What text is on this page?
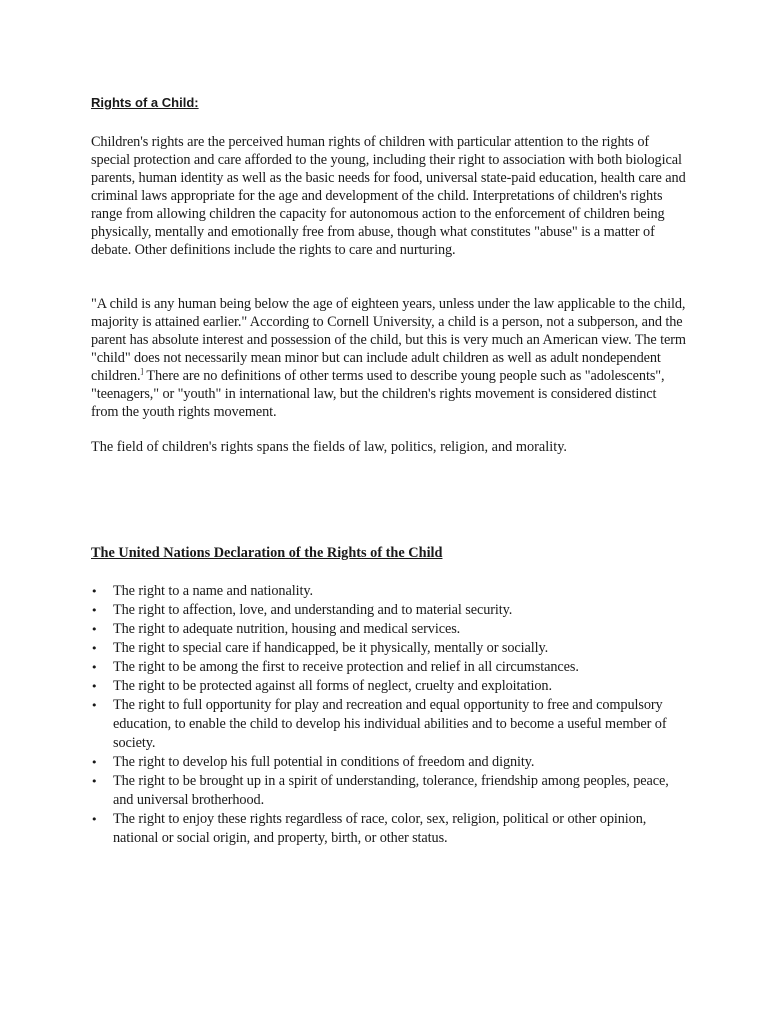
Rights of a Child:

Children's rights are the perceived human rights of children with particular attention to the rights of special protection and care afforded to the young, including their right to association with both biological parents, human identity as well as the basic needs for food, universal state-paid education, health care and criminal laws appropriate for the age and development of the child. Interpretations of children's rights range from allowing children the capacity for autonomous action to the enforcement of children being physically, mentally and emotionally free from abuse, though what constitutes "abuse" is a matter of debate. Other definitions include the rights to care and nurturing.

"A child is any human being below the age of eighteen years, unless under the law applicable to the child, majority is attained earlier." According to Cornell University, a child is a person, not a subperson, and the parent has absolute interest and possession of the child, but this is very much an American view. The term "child" does not necessarily mean minor but can include adult children as well as adult nondependent children.] There are no definitions of other terms used to describe young people such as "adolescents", "teenagers," or "youth" in international law, but the children's rights movement is considered distinct from the youth rights movement.

The field of children's rights spans the fields of law, politics, religion, and morality.

The United Nations Declaration of the Rights of the Child
• The right to a name and nationality.
• The right to affection, love, and understanding and to material security.
• The right to adequate nutrition, housing and medical services.
• The right to special care if handicapped, be it physically, mentally or socially.
• The right to be among the first to receive protection and relief in all circumstances.
• The right to be protected against all forms of neglect, cruelty and exploitation.
• The right to full opportunity for play and recreation and equal opportunity to free and compulsory education, to enable the child to develop his individual abilities and to become a useful member of society.
• The right to develop his full potential in conditions of freedom and dignity.
• The right to be brought up in a spirit of understanding, tolerance, friendship among peoples, peace, and universal brotherhood.
• The right to enjoy these rights regardless of race, color, sex, religion, political or other opinion, national or social origin, and property, birth, or other status.
